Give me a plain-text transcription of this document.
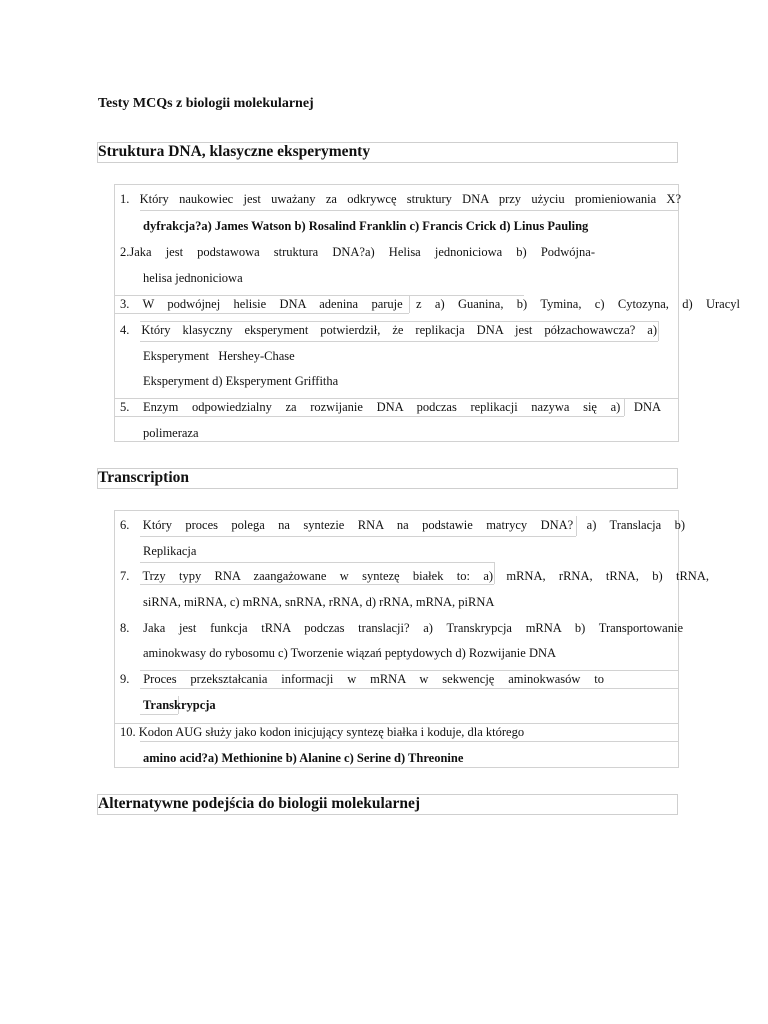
Testy MCQs z biologii molekularnej
Struktura DNA, klasyczne eksperymenty
1. Który naukowiec jest uważany za odkrywcę struktury DNA przy użyciu promieniowania X?
dyfrakcja?a) James Watson b) Rosalind Franklin c) Francis Crick d) Linus Pauling
2.Jaka jest podstawowa struktura DNA?a) Helisa jednoniciowa b) Podwójna-
helisa jednoniciowa
3. W podwójnej helisie DNA adenina paruje z a) Guanina, b) Tymina, c) Cytozyna, d) Uracyl
4. Który klasyczny eksperyment potwierdził, że replikacja DNA jest półzachowawcza? a)
Eksperyment   Hershey-Chase
Eksperyment d) Eksperyment Griffitha
5. Enzym odpowiedzialny za rozwijanie DNA podczas replikacji nazywa się a) DNA
polimeraza
Transcription
6. Który proces polega na syntezie RNA na podstawie matrycy DNA? a) Translacja b)
Replikacja
7. Trzy typy RNA zaangażowane w syntezę białek to: a) mRNA, rRNA, tRNA, b) tRNA,
siRNA, miRNA, c) mRNA, snRNA, rRNA, d) rRNA, mRNA, piRNA
8. Jaka jest funkcja tRNA podczas translacji? a) Transkrypcja mRNA b) Transportowanie
aminokwasy do rybosomu c) Tworzenie wiązań peptydowych d) Rozwijanie DNA
9. Proces przekształcania informacji w mRNA w sekwencję aminokwasów to
Transkrypcja
10. Kodon AUG służy jako kodon inicjujący syntezę białka i koduje, dla którego
amino acid?a) Methionine b) Alanine c) Serine d) Threonine
Alternatywne podejścia do biologii molekularnej
